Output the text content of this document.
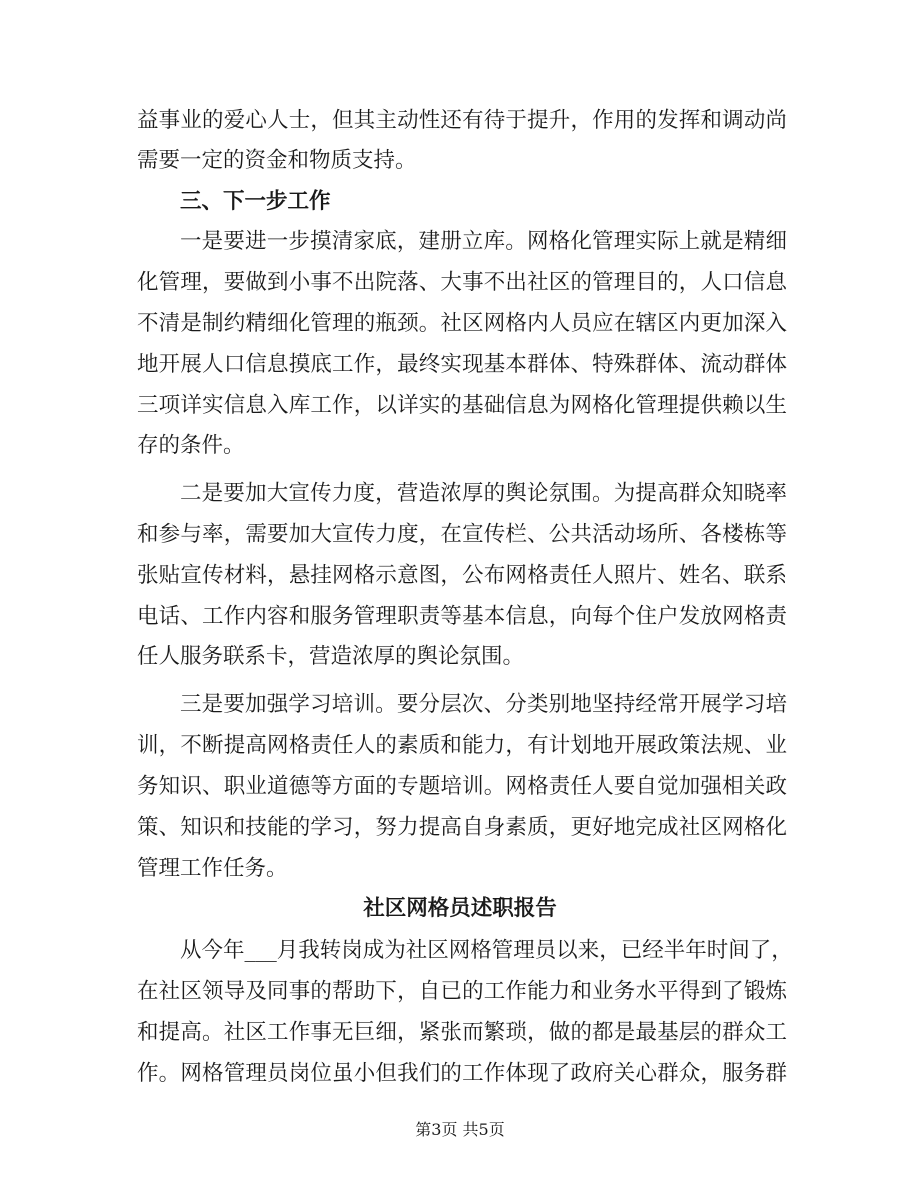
益事业的爱心人士，但其主动性还有待于提升，作用的发挥和调动尚
需要一定的资金和物质支持。
三、下一步工作
一是要进一步摸清家底，建册立库。网格化管理实际上就是精细
化管理，要做到小事不出院落、大事不出社区的管理目的，人口信息
不清是制约精细化管理的瓶颈。社区网格内人员应在辖区内更加深入
地开展人口信息摸底工作，最终实现基本群体、特殊群体、流动群体
三项详实信息入库工作，以详实的基础信息为网格化管理提供赖以生
存的条件。
二是要加大宣传力度，营造浓厚的舆论氛围。为提高群众知晓率
和参与率，需要加大宣传力度，在宣传栏、公共活动场所、各楼栋等
张贴宣传材料，悬挂网格示意图，公布网格责任人照片、姓名、联系
电话、工作内容和服务管理职责等基本信息，向每个住户发放网格责
任人服务联系卡，营造浓厚的舆论氛围。
三是要加强学习培训。要分层次、分类别地坚持经常开展学习培
训，不断提高网格责任人的素质和能力，有计划地开展政策法规、业
务知识、职业道德等方面的专题培训。网格责任人要自觉加强相关政
策、知识和技能的学习，努力提高自身素质，更好地完成社区网格化
管理工作任务。
社区网格员述职报告
从今年___月我转岗成为社区网格管理员以来，已经半年时间了，
在社区领导及同事的帮助下，自已的工作能力和业务水平得到了锻炼
和提高。社区工作事无巨细，紧张而繁琐，做的都是最基层的群众工
作。网格管理员岗位虽小但我们的工作体现了政府关心群众，服务群
第3页 共5页
